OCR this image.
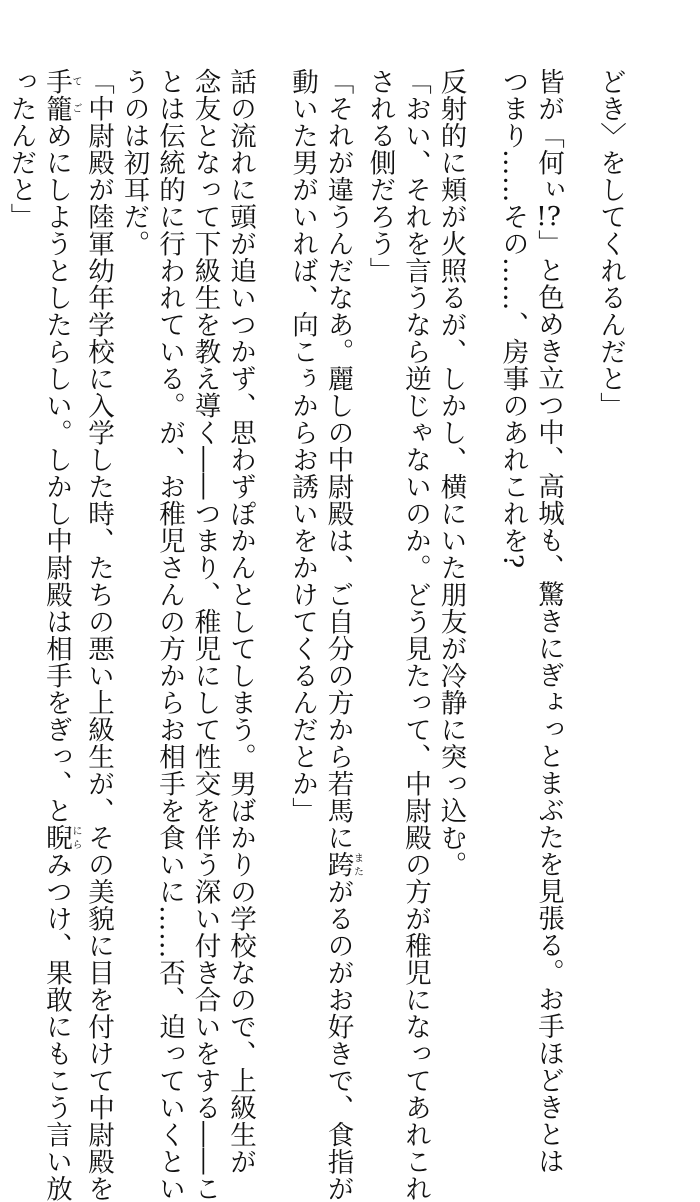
どき〉をしてくれるんだと」
皆が「何ぃ!?」と色めき立つ中、高城も、驚きにぎょっとまぶたを見張る。お手ほどきとは
つまり……その……、房事のあれこれを?
反射的に頬が火照るが、しかし、横にいた朋友が冷静に突っ込む。
「おい、それを言うなら逆じゃないのか。どう見たって、中尉殿の方が稚児になってあれこれ
される側だろう」
「それが違うんだなあ。麗しの中尉殿は、ご自分の方から若馬に跨またがるのがお好きで、食指が
動いた男がいれば、向こぅからお誘いをかけてくるんだとか」
話の流れに頭が追いつかず、思わずぽかんとしてしまう。男ばかりの学校なので、上級生が
念友となって下級生を教え導く――つまり、稚児にして性交を伴う深い付き合いをする――こ
とは伝統的に行われている。が、お稚児さんの方からお相手を食いに……否、迫っていくとい
うのは初耳だ。
「中尉殿が陸軍幼年学校に入学した時、たちの悪い上級生が、その美貌に目を付けて中尉殿を
手籠てごめにしようとしたらしい。しかし中尉殿は相手をぎっ、と睨にらみつけ、果敢にもこう言い放
ったんだと」
